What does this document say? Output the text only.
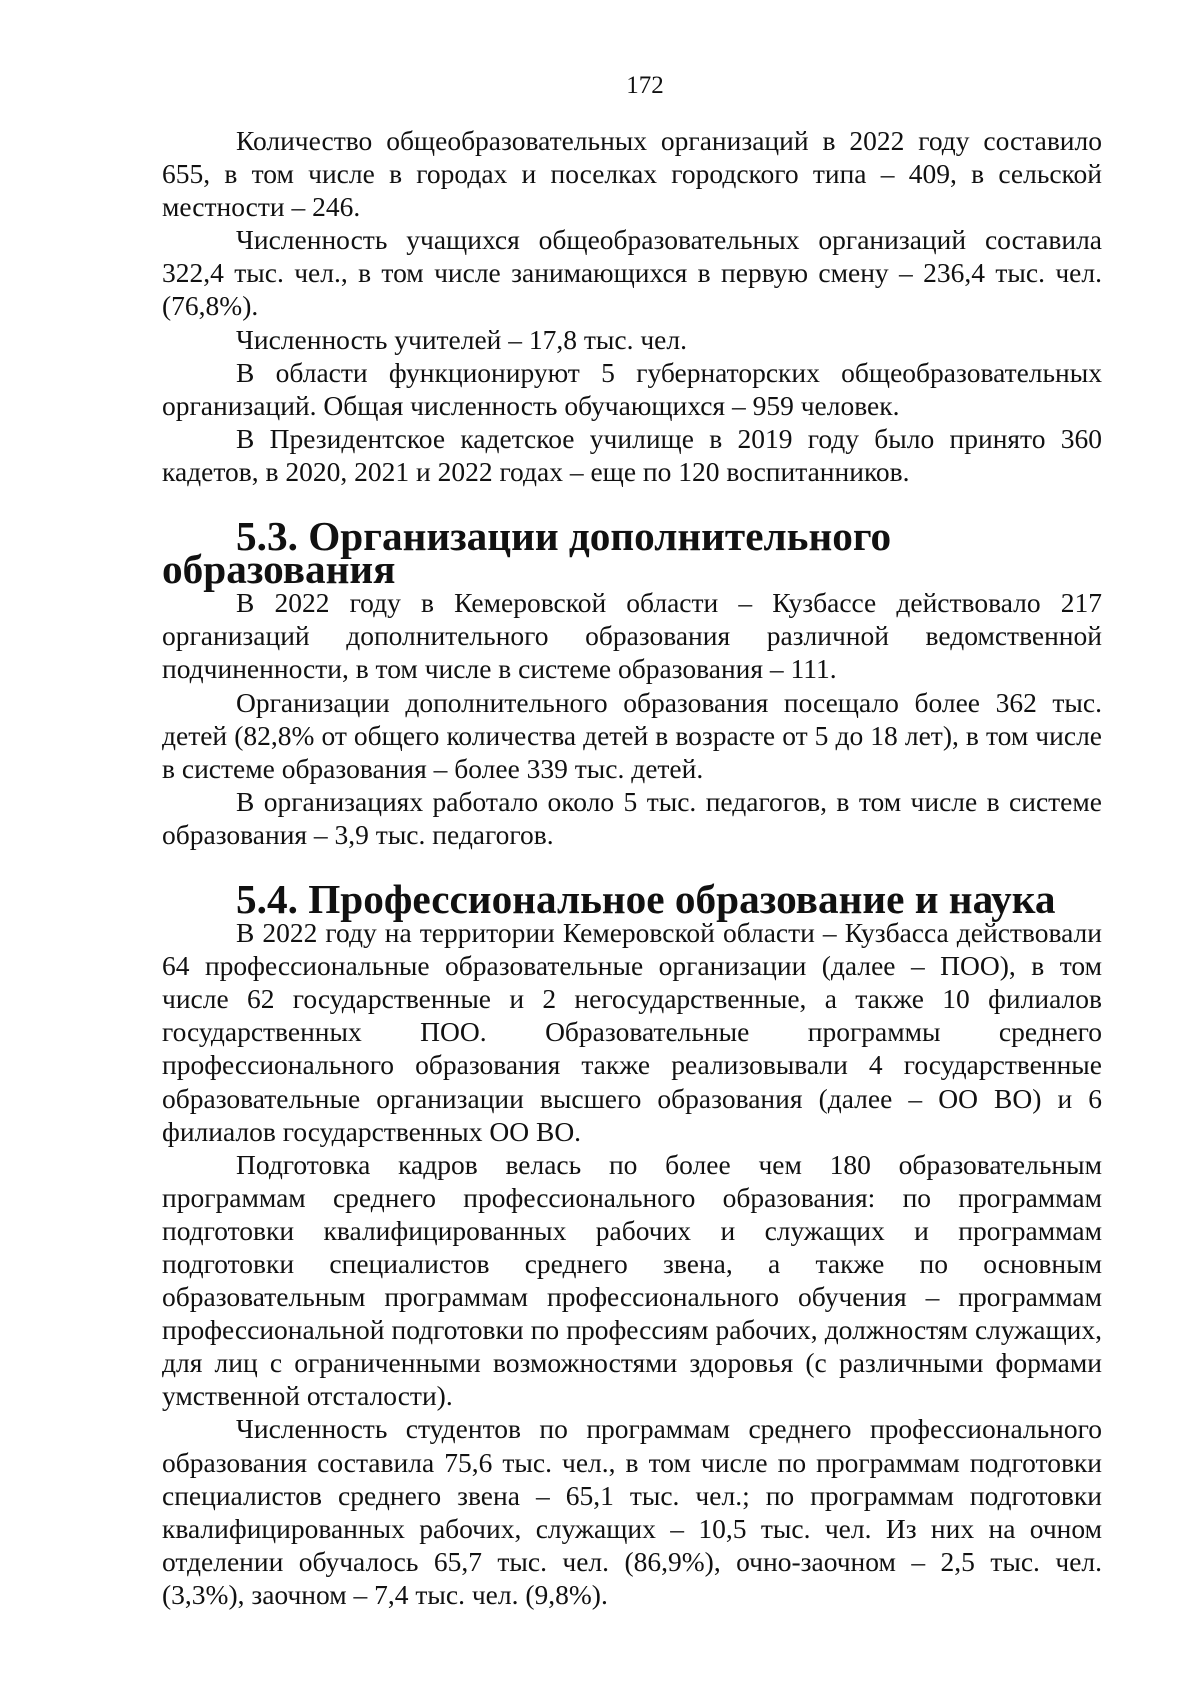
172

Количество общеобразовательных организаций в 2022 году составило 655, в том числе в городах и поселках городского типа – 409, в сельской местности – 246.

Численность учащихся общеобразовательных организаций составила 322,4 тыс. чел., в том числе занимающихся в первую смену – 236,4 тыс. чел. (76,8%).

Численность учителей – 17,8 тыс. чел.

В области функционируют 5 губернаторских общеобразовательных организаций. Общая численность обучающихся – 959 человек.

В Президентское кадетское училище в 2019 году было принято 360 кадетов, в 2020, 2021 и 2022 годах – еще по 120 воспитанников.

5.3. Организации дополнительного образования

В 2022 году в Кемеровской области – Кузбассе действовало 217 организаций дополнительного образования различной ведомственной подчиненности, в том числе в системе образования – 111.

Организации дополнительного образования посещало более 362 тыс. детей (82,8% от общего количества детей в возрасте от 5 до 18 лет), в том числе в системе образования – более 339 тыс. детей.

В организациях работало около 5 тыс. педагогов, в том числе в системе образования – 3,9 тыс. педагогов.

5.4. Профессиональное образование и наука

В 2022 году на территории Кемеровской области – Кузбасса действовали 64 профессиональные образовательные организации (далее – ПОО), в том числе 62 государственные и 2 негосударственные, а также 10 филиалов государственных ПОО. Образовательные программы среднего профессионального образования также реализовывали 4 государственные образовательные организации высшего образования (далее – ОО ВО) и 6 филиалов государственных ОО ВО.

Подготовка кадров велась по более чем 180 образовательным программам среднего профессионального образования: по программам подготовки квалифицированных рабочих и служащих и программам подготовки специалистов среднего звена, а также по основным образовательным программам профессионального обучения – программам профессиональной подготовки по профессиям рабочих, должностям служащих, для лиц с ограниченными возможностями здоровья (с различными формами умственной отсталости).

Численность студентов по программам среднего профессионального образования составила 75,6 тыс. чел., в том числе по программам подготовки специалистов среднего звена – 65,1 тыс. чел.; по программам подготовки квалифицированных рабочих, служащих – 10,5 тыс. чел. Из них на очном отделении обучалось 65,7 тыс. чел. (86,9%), очно-заочном – 2,5 тыс. чел. (3,3%), заочном – 7,4 тыс. чел. (9,8%).
